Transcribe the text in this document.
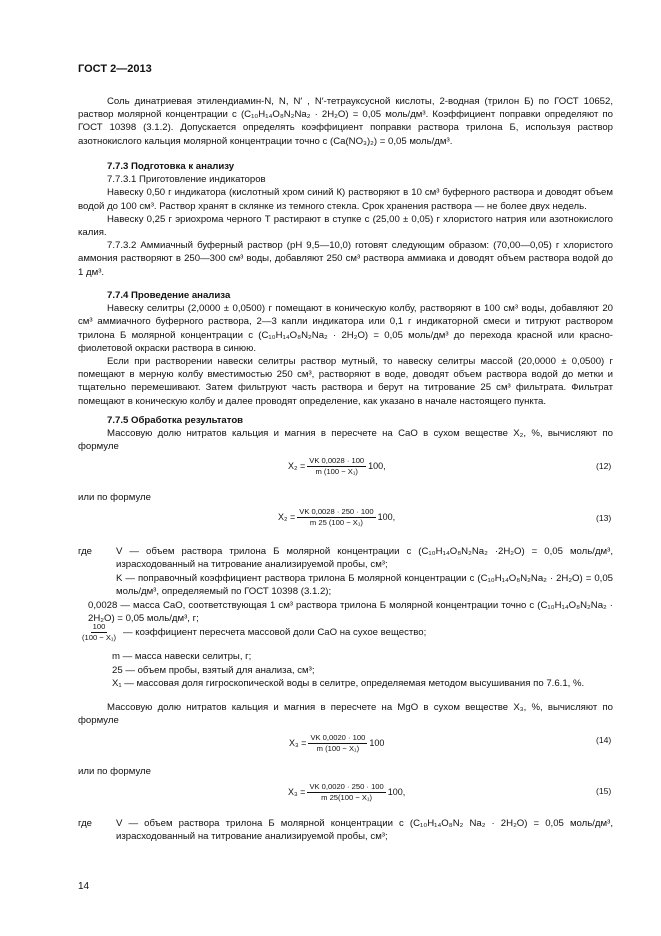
ГОСТ 2—2013

Соль динатриевая этилендиамин-N, N, N′ , N′-тетрауксусной кислоты, 2-водная (трилон Б) по ГОСТ 10652, раствор молярной концентрации c (C₁₀H₁₄O₈N₂Na₂ · 2H₂O) = 0,05 моль/дм³. Коэффициент поправки определяют по ГОСТ 10398 (3.1.2). Допускается определять коэффициент поправки раствора трилона Б, используя раствор азотнокислого кальция молярной концентрации точно c (Ca(NO₃)₂) = 0,05 моль/дм³.

7.7.3 Подготовка к анализу

7.7.3.1 Приготовление индикаторов

Навеску 0,50 г индикатора (кислотный хром синий К) растворяют в 10 см³ буферного раствора и доводят объем водой до 100 см³. Раствор хранят в склянке из темного стекла. Срок хранения раствора — не более двух недель.

Навеску 0,25 г эриохрома черного Т растирают в ступке с (25,00 ± 0,05) г хлористого натрия или азотнокислого калия.

7.7.3.2 Аммиачный буферный раствор (pH 9,5—10,0) готовят следующим образом: (70,00—0,05) г хлористого аммония растворяют в 250—300 см³ воды, добавляют 250 см³ раствора аммиака и доводят объем раствора водой до 1 дм³.

7.7.4 Проведение анализа

Навеску селитры (2,0000 ± 0,0500) г помещают в коническую колбу, растворяют в 100 см³ воды, добавляют 20 см³ аммиачного буферного раствора, 2—3 капли индикатора или 0,1 г индикаторной смеси и титруют раствором трилона Б молярной концентрации c (C₁₀H₁₄O₈N₂Na₂ · 2H₂O) = 0,05 моль/дм³ до перехода красной или красно-фиолетовой окраски раствора в синюю.

Если при растворении навески селитры раствор мутный, то навеску селитры массой (20,0000 ± 0,0500) г помещают в мерную колбу вместимостью 250 см³, растворяют в воде, доводят объем раствора водой до метки и тщательно перемешивают. Затем фильтруют часть раствора и берут на титрование 25 см³ фильтрата. Фильтрат помещают в коническую колбу и далее проводят определение, как указано в начале настоящего пункта.

7.7.5 Обработка результатов

Массовую долю нитратов кальция и магния в пересчете на CaO в сухом веществе X₂, %, вычисляют по формуле

$X_2 = \frac{VK 0,0028 \cdot 100}{\text{m (100 − X₁)}} 100$,	(12)
или по формуле
$X_2 = \frac{VK 0,0028 \cdot 250 \cdot 100}{\text{m 25 (100 − X₁)}} 100$,	(13)
где V — объем раствора трилона Б молярной концентрации c (C₁₀H₁₄O₈N₂Na₂ ·2H₂O) = 0,05 моль/дм³, израсходованный на титрование анализируемой пробы, см³;
K — поправочный коэффициент раствора трилона Б молярной концентрации c (C₁₀H₁₄O₈N₂Na₂ · 2H₂O) = 0,05 моль/дм³, определяемый по ГОСТ 10398 (3.1.2);
0,0028 — масса CaO, соответствующая 1 см³ раствора трилона Б молярной концентрации точно c (C₁₀H₁₄O₈N₂Na₂ · 2H₂O) = 0,05 моль/дм³, г;
$\frac{100}{\text{(100 − X₁)}}$ — коэффициент пересчета массовой доли CaO на сухое вещество;
m — масса навески селитры, г;
25 — объем пробы, взятый для анализа, см³;
X₁ — массовая доля гигроскопической воды в селитре, определяемая методом высушивания по 7.6.1, %.

Массовую долю нитратов кальция и магния в пересчете на MgO в сухом веществе X₃, %, вычисляют по формуле

$X_3 = \frac{VK 0,0020 \cdot 100}{\text{m (100 − X₁)}} 100$	(14)
или по формуле
$X_3 = \frac{VK 0,0020 \cdot 250 \cdot 100}{\text{m 25(100 − X₁)}} 100$,	(15)
где V — объем раствора трилона Б молярной концентрации c (C₁₀H₁₄O₈N₂ Na₂ · 2H₂O) = 0,05 моль/дм³, израсходованный на титрование анализируемой пробы, см³;
14
